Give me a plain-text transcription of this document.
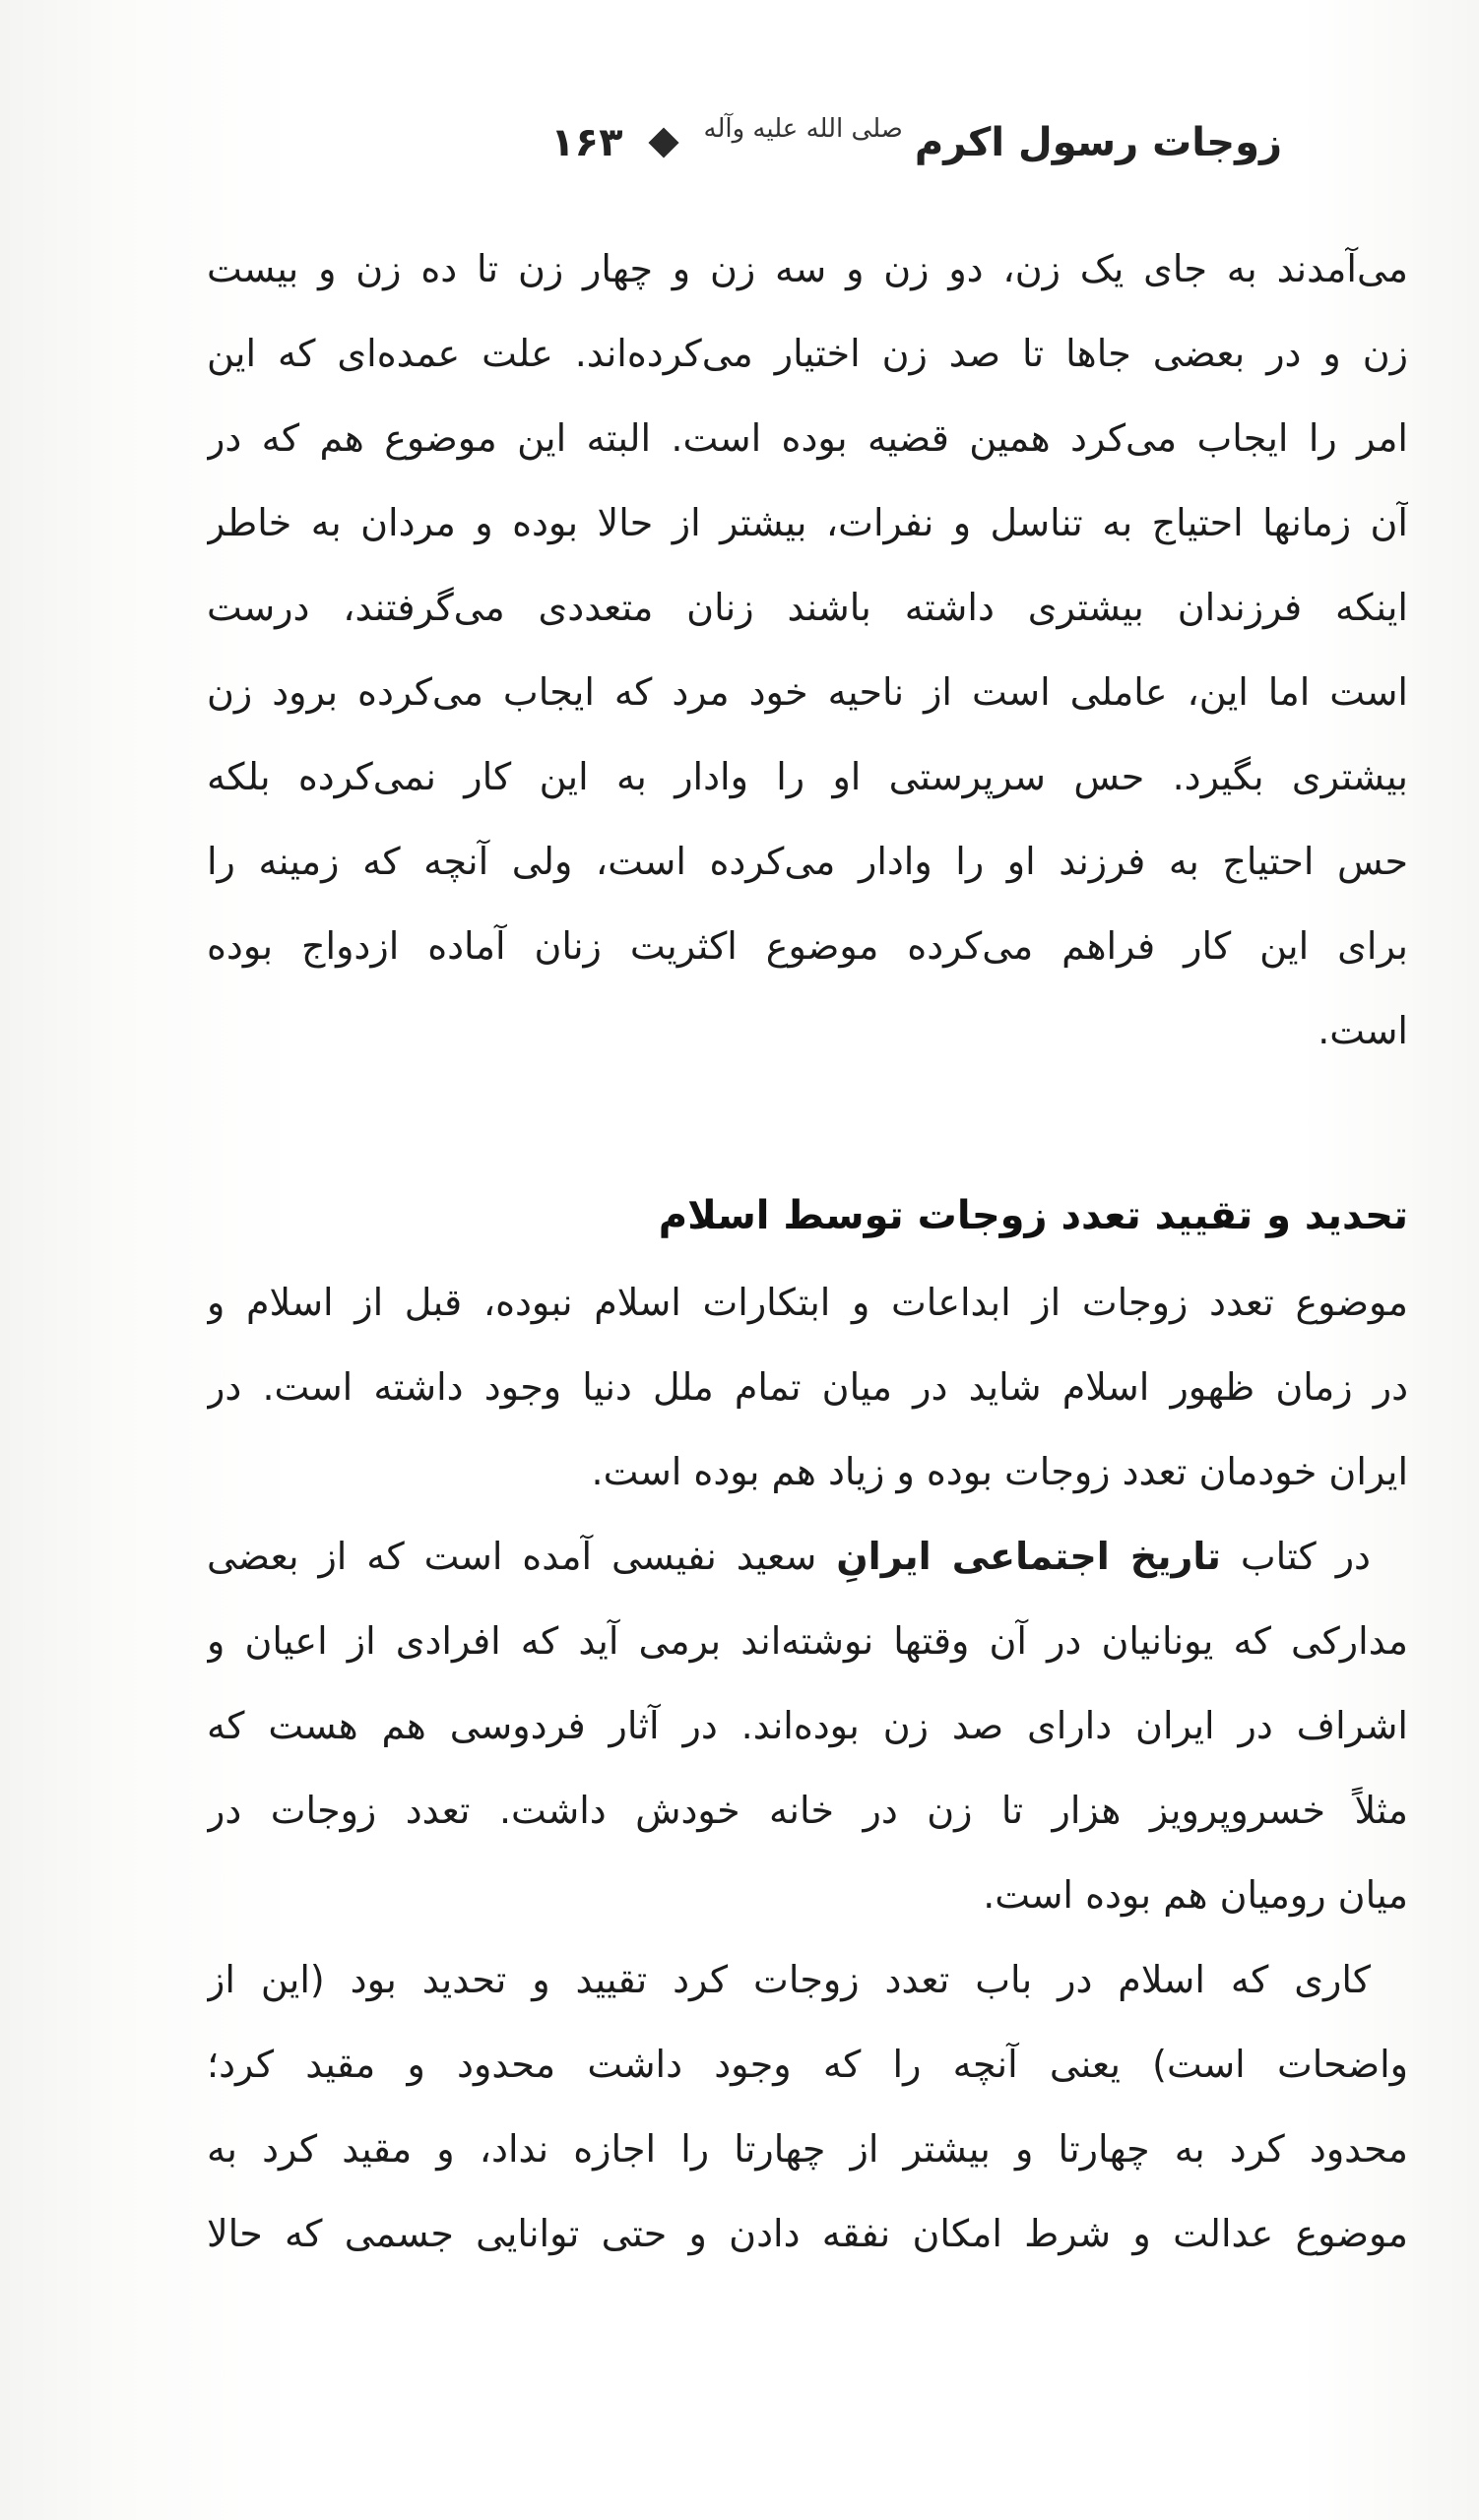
زوجات رسول اکرم
صلی الله علیه وآله
۱۶۳
می‌آمدند به جای یک زن، دو زن و سه زن و چهار زن تا ده زن و بیست
زن و در بعضی جاها تا صد زن اختیار می‌کرده‌اند. علت عمده‌ای که این
امر را ایجاب می‌کرد همین قضیه بوده است. البته این موضوع هم که در
آن زمانها احتیاج به تناسل و نفرات، بیشتر از حالا بوده و مردان به خاطر
اینکه فرزندان بیشتری داشته باشند زنان متعددی می‌گرفتند، درست
است اما این، عاملی است از ناحیه خود مرد که ایجاب می‌کرده برود زن
بیشتری بگیرد. حس سرپرستی او را وادار به این کار نمی‌کرده بلکه
حس احتیاج به فرزند او را وادار می‌کرده است، ولی آنچه که زمینه را
برای این کار فراهم می‌کرده موضوع اکثریت زنان آماده ازدواج بوده
است.
تحدید و تقیید تعدد زوجات توسط اسلام
موضوع تعدد زوجات از ابداعات و ابتکارات اسلام نبوده، قبل از اسلام و
در زمان ظهور اسلام شاید در میان تمام ملل دنیا وجود داشته است. در
ایران خودمان تعدد زوجات بوده و زیاد هم بوده است.
در کتاب تاریخ اجتماعی ایرانِ سعید نفیسی آمده است که از بعضی
مدارکی که یونانیان در آن وقتها نوشته‌اند برمی آید که افرادی از اعیان و
اشراف در ایران دارای صد زن بوده‌اند. در آثار فردوسی هم هست که
مثلاً خسروپرویز هزار تا زن در خانه خودش داشت. تعدد زوجات در
میان رومیان هم بوده است.
کاری که اسلام در باب تعدد زوجات کرد تقیید و تحدید بود (این از
واضحات است) یعنی آنچه را که وجود داشت محدود و مقید کرد؛
محدود کرد به چهارتا و بیشتر از چهارتا را اجازه نداد، و مقید کرد به
موضوع عدالت و شرط امکان نفقه دادن و حتی توانایی جسمی که حالا
